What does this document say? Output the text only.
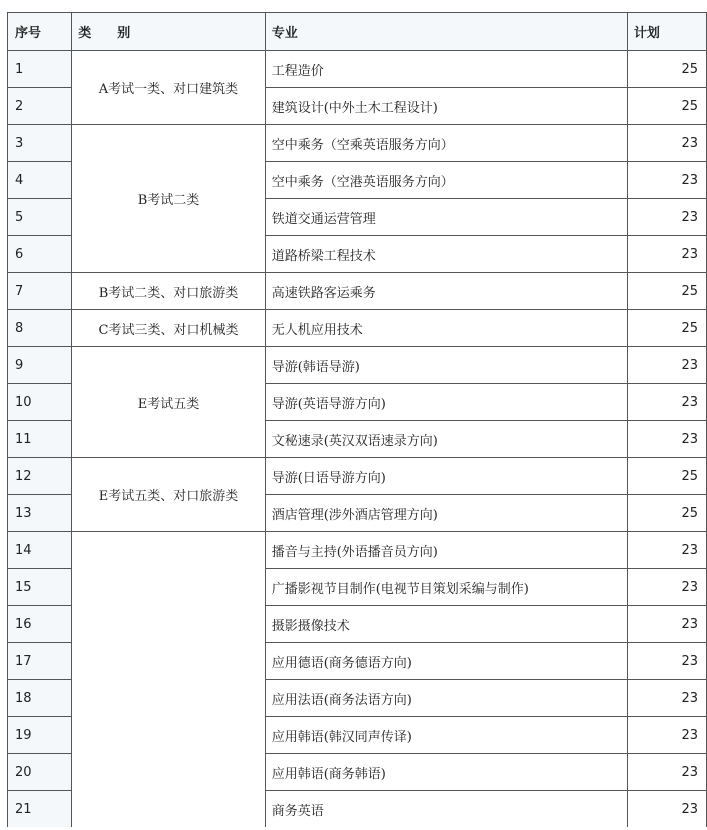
序号	类　　别	专业	计划
1	A考试一类、对口建筑类	工程造价	25
2		建筑设计(中外土木工程设计)	25
3	B考试二类	空中乘务（空乘英语服务方向）	23
4		空中乘务（空港英语服务方向）	23
5		铁道交通运营管理	23
6		道路桥梁工程技术	23
7	B考试二类、对口旅游类	高速铁路客运乘务	25
8	C考试三类、对口机械类	无人机应用技术	25
9	E考试五类	导游(韩语导游)	23
10		导游(英语导游方向)	23
11		文秘速录(英汉双语速录方向)	23
12	E考试五类、对口旅游类	导游(日语导游方向)	25
13		酒店管理(涉外酒店管理方向)	25
14		播音与主持(外语播音员方向)	23
15		广播影视节目制作(电视节目策划采编与制作)	23
16		摄影摄像技术	23
17		应用德语(商务德语方向)	23
18		应用法语(商务法语方向)	23
19		应用韩语(韩汉同声传译)	23
20		应用韩语(商务韩语)	23
21		商务英语	23
